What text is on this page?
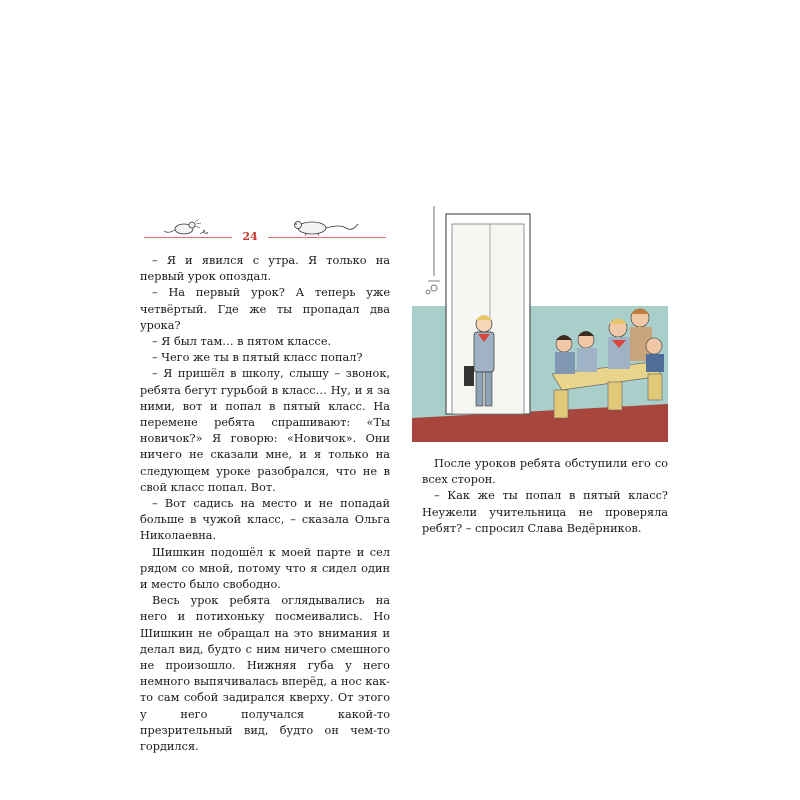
24

– Я и явился с утра. Я только на первый урок опоздал.

– На первый урок? А теперь уже четвёртый. Где же ты пропадал два урока?

– Я был там… в пятом классе.

– Чего же ты в пятый класс попал?

– Я пришёл в школу, слышу – звонок, ребята бегут гурьбой в класс… Ну, и я за ними, вот и попал в пятый класс. На перемене ребята спрашивают: «Ты новичок?» Я говорю: «Новичок». Они ничего не сказали мне, и я только на следующем уроке разобрался, что не в свой класс попал. Вот.

– Вот садись на место и не попадай больше в чужой класс, – сказала Ольга Николаевна.

Шишкин подошёл к моей парте и сел рядом со мной, потому что я сидел один и место было свободно.

Весь урок ребята оглядывались на него и потихоньку посмеивались. Но Шишкин не обращал на это внимания и делал вид, будто с ним ничего смешного не произошло. Нижняя губа у него немного выпячивалась вперёд, а нос как-то сам собой задирался кверху. От этого у него получался какой-то презрительный вид, будто он чем-то гордился.

После уроков ребята обступили его со всех сторон.

– Как же ты попал в пятый класс? Неужели учительница не проверяла ребят? – спросил Слава Ведёрников.
